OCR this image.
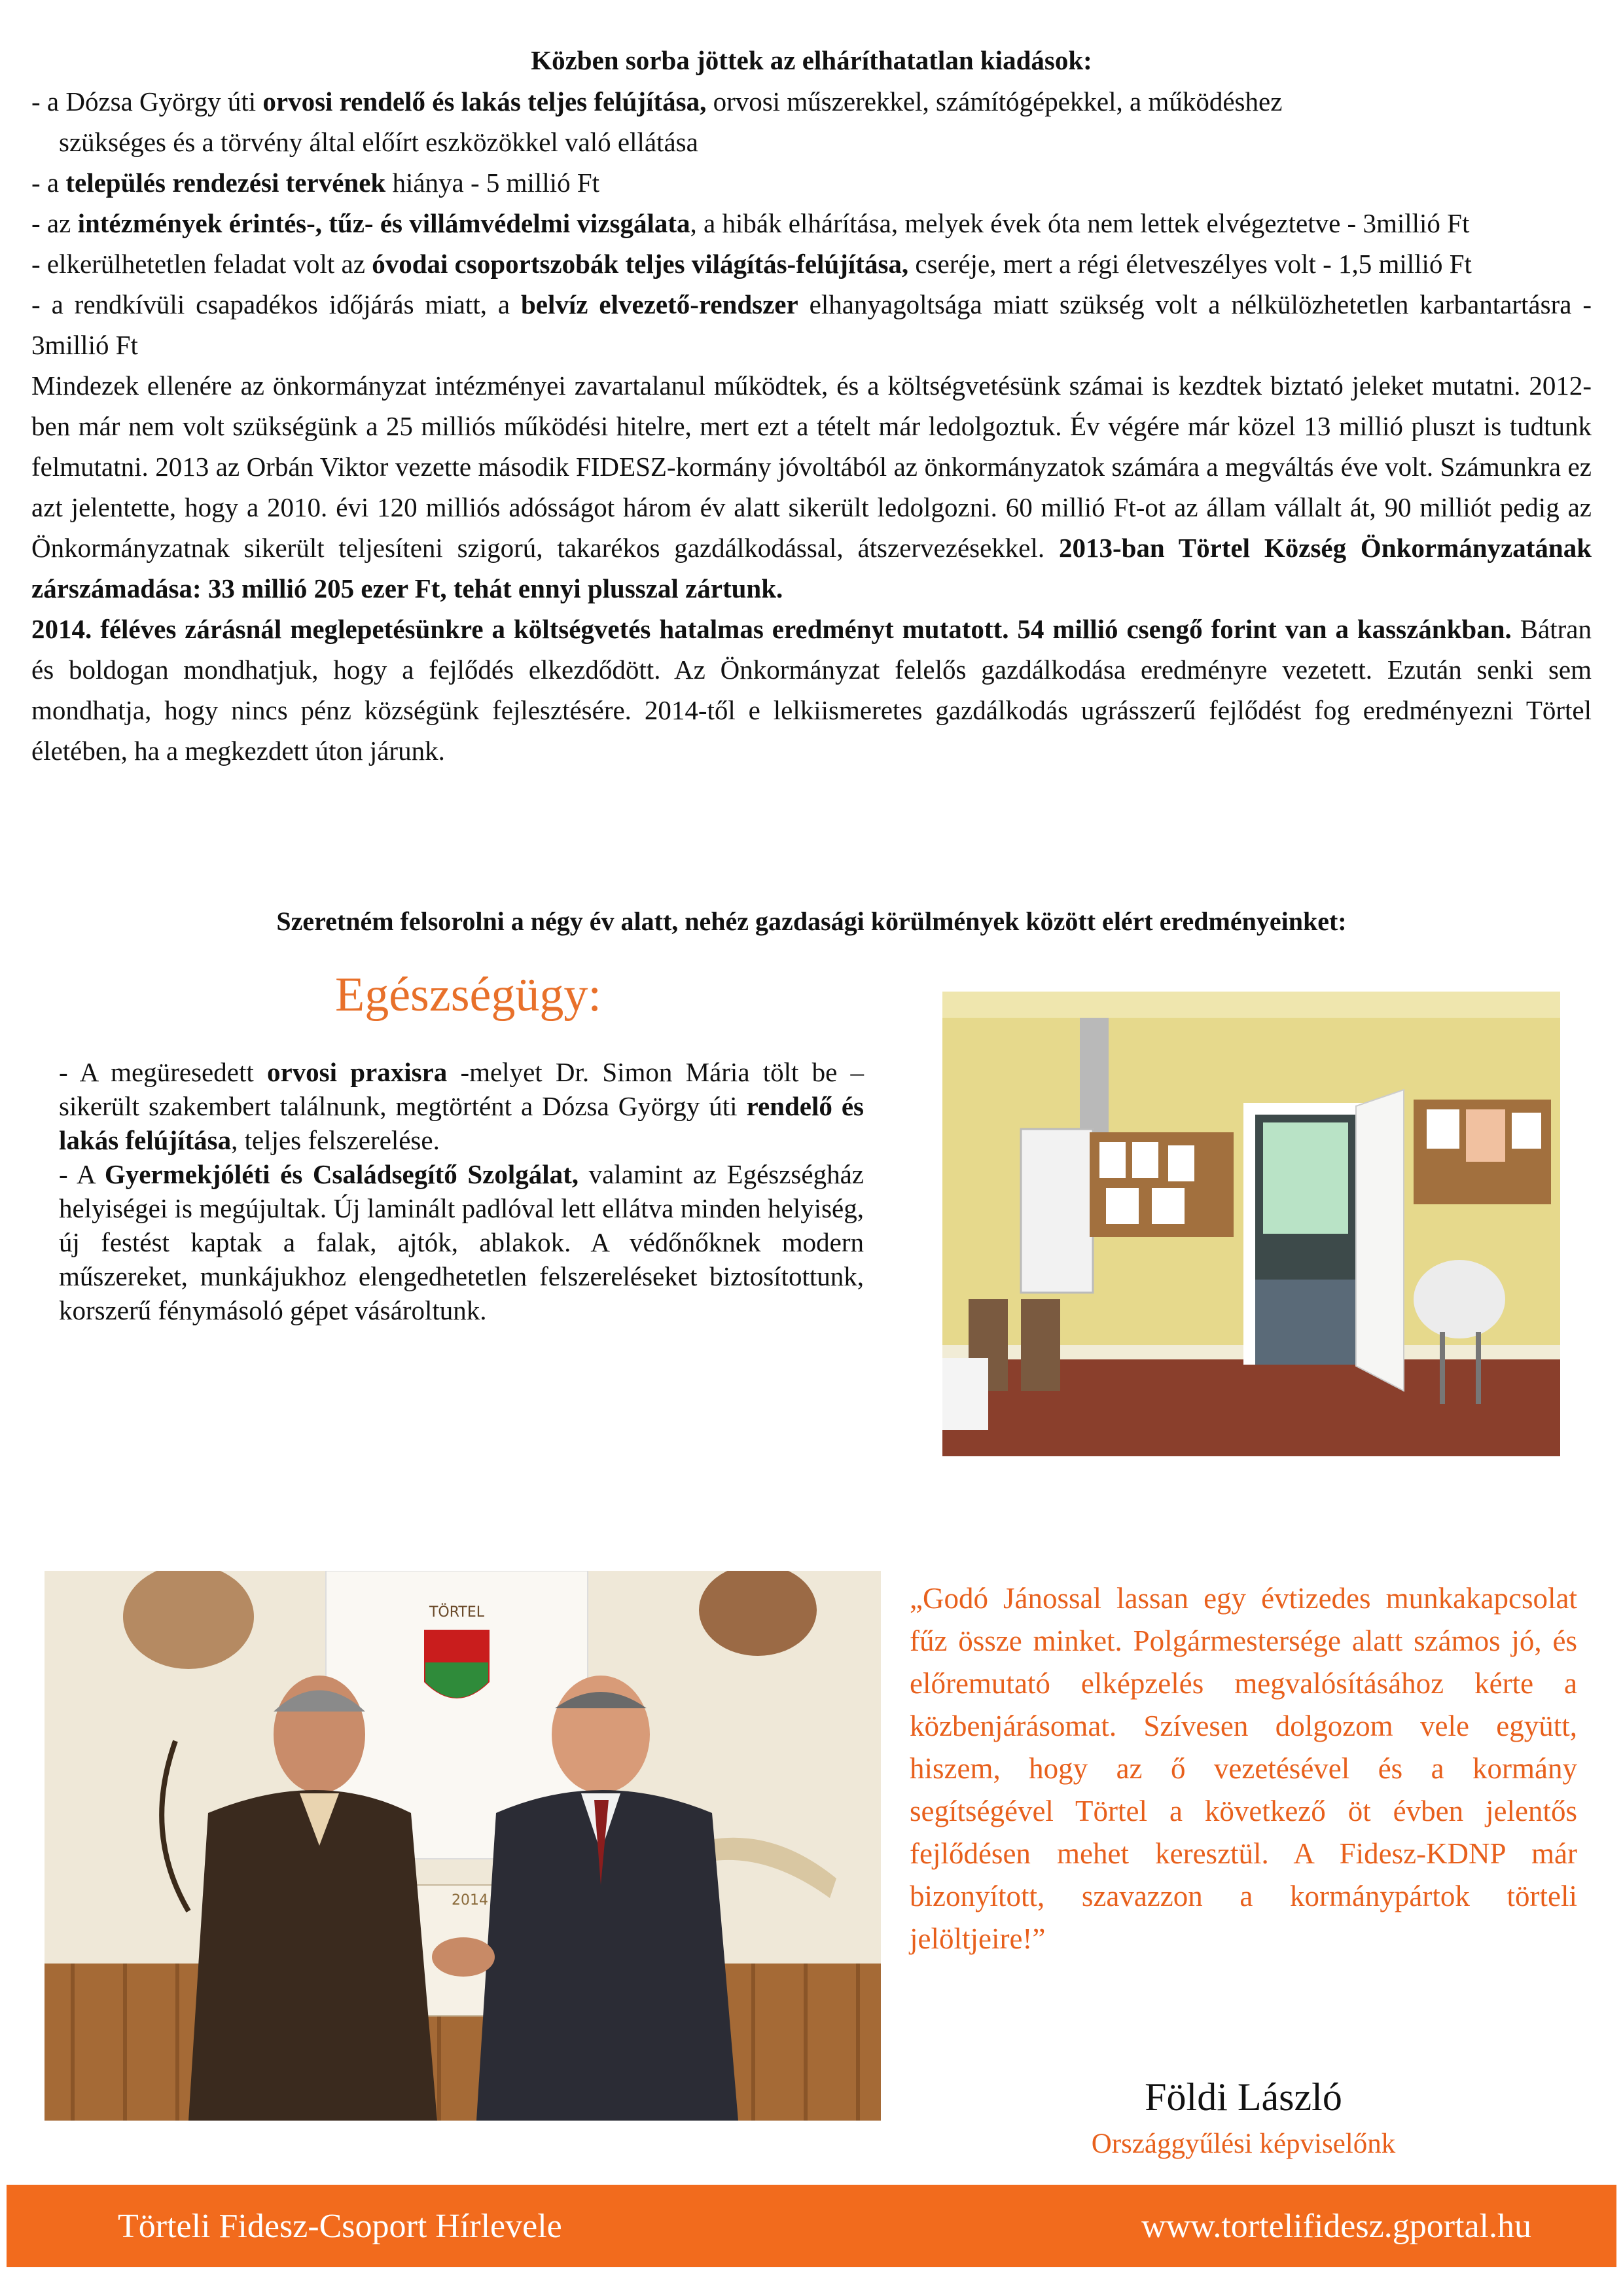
Közben sorba jöttek az elháríthatatlan kiadások:

- a Dózsa György úti orvosi rendelő és lakás teljes felújítása, orvosi műszerekkel, számítógépekkel, a működéshez

szükséges és a törvény által előírt eszközökkel való ellátása

- a település rendezési tervének hiánya - 5 millió Ft

- az intézmények érintés-, tűz- és villámvédelmi vizsgálata, a hibák elhárítása, melyek évek óta nem lettek elvégeztetve - 3millió Ft

- elkerülhetetlen feladat volt az óvodai csoportszobák teljes világítás-felújítása, cseréje, mert a régi életveszélyes volt - 1,5 millió Ft

- a rendkívüli csapadékos időjárás miatt, a belvíz elvezető-rendszer elhanyagoltsága miatt szükség volt a nélkülözhetetlen karbantartásra - 3millió Ft

Mindezek ellenére az önkormányzat intézményei zavartalanul működtek, és a költségvetésünk számai is kezdtek biztató jeleket mutatni. 2012-ben már nem volt szükségünk a 25 milliós működési hitelre, mert ezt a tételt már ledolgoztuk. Év végére már közel 13 millió pluszt is tudtunk felmutatni. 2013 az Orbán Viktor vezette második FIDESZ-kormány jóvoltából az önkormányzatok számára a megváltás éve volt. Számunkra ez azt jelentette, hogy a 2010. évi 120 milliós adósságot három év alatt sikerült ledolgozni. 60 millió Ft-ot az állam vállalt át, 90 milliót pedig az Önkormányzatnak sikerült teljesíteni szigorú, takarékos gazdálkodással, átszervezésekkel. 2013-ban Törtel Község Önkormányzatának zárszámadása: 33 millió 205 ezer Ft, tehát ennyi plusszal zártunk.

2014. féléves zárásnál meglepetésünkre a költségvetés hatalmas eredményt mutatott. 54 millió csengő forint van a kasszánkban. Bátran és boldogan mondhatjuk, hogy a fejlődés elkezdődött. Az Önkormányzat felelős gazdálkodása eredményre vezetett. Ezután senki sem mondhatja, hogy nincs pénz községünk fejlesztésére. 2014-től e lelkiismeretes gazdálkodás ugrásszerű fejlődést fog eredményezni Törtel életében, ha a megkezdett úton járunk.

Szeretném felsorolni a négy év alatt, nehéz gazdasági körülmények között elért eredményeinket:
Egészségügy:

- A megüresedett orvosi praxisra -melyet Dr. Simon Mária tölt be – sikerült szakembert találnunk, megtörtént a Dózsa György úti rendelő és lakás felújítása, teljes felszerelése.

- A Gyermekjóléti és Családsegítő Szolgálat, valamint az Egészségház helyiségei is megújultak. Új laminált padlóval lett ellátva minden helyiség, új festést kaptak a falak, ajtók, ablakok. A védőnőknek modern műszereket, munkájukhoz elengedhetetlen felszereléseket biztosítottunk, korszerű fénymásoló gépet vásároltunk.

TÖRTEL
2014
„Godó Jánossal lassan egy évtizedes munkakapcsolat fűz össze minket. Polgármestersége alatt számos jó, és előremutató elképzelés megvalósításához kérte a közbenjárásomat. Szívesen dolgozom vele együtt, hiszem, hogy az ő vezetésével és a kormány segítségével Törtel a következő öt évben jelentős fejlődésen mehet keresztül. A Fidesz-KDNP már bizonyított, szavazzon a kormánypártok törteli jelöltjeire!”
Földi László
Országgyűlési képviselőnk
Törteli Fidesz-Csoport Hírlevele	www.tortelifidesz.gportal.hu
